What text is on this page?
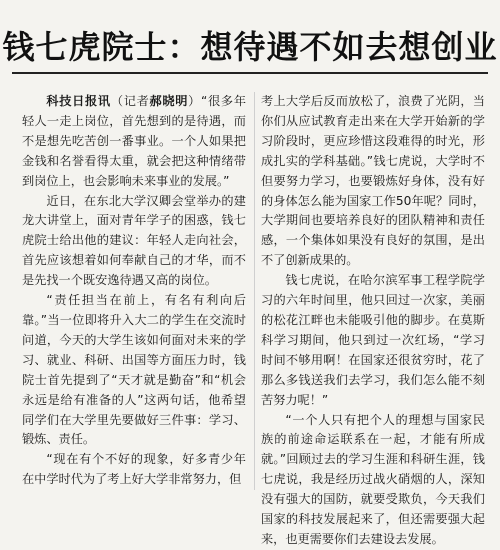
钱七虎院士：想待遇不如去想创业

科技日报讯（记者郝晓明）“很多年轻人一走上岗位，首先想到的是待遇，而不是想先吃苦创一番事业。一个人如果把金钱和名誉看得太重，就会把这种情绪带到岗位上，也会影响未来事业的发展。”

近日，在东北大学汉卿会堂举办的建龙大讲堂上，面对青年学子的困惑，钱七虎院士给出他的建议：年轻人走向社会，首先应该想着如何奉献自己的才华，而不是先找一个既安逸待遇又高的岗位。

“责任担当在前上，有名有利向后靠。”当一位即将升入大二的学生在交流时问道，今天的大学生该如何面对未来的学习、就业、科研、出国等方面压力时，钱院士首先提到了“天才就是勤奋”和“机会永远是给有准备的人”这两句话，他希望同学们在大学里先要做好三件事：学习、锻炼、责任。

“现在有个不好的现象，好多青少年在中学时代为了考上好大学非常努力，但

考上大学后反而放松了，浪费了光阴，当你们从应试教育走出来在大学开始新的学习阶段时，更应珍惜这段难得的时光，形成扎实的学科基础。”钱七虎说，大学时不但要努力学习，也要锻炼好身体，没有好的身体怎么能为国家工作50年呢？同时，大学期间也要培养良好的团队精神和责任感，一个集体如果没有良好的氛围，是出不了创新成果的。

钱七虎说，在哈尔滨军事工程学院学习的六年时间里，他只回过一次家，美丽的松花江畔也未能吸引他的脚步。在莫斯科学习期间，他只到过一次红场，“学习时间不够用啊！在国家还很贫穷时，花了那么多钱送我们去学习，我们怎么能不刻苦努力呢！”

“一个人只有把个人的理想与国家民族的前途命运联系在一起，才能有所成就。”回顾过去的学习生涯和科研生涯，钱七虎说，我是经历过战火硝烟的人，深知没有强大的国防，就要受欺负，今天我们国家的科技发展起来了，但还需要强大起来，也更需要你们去建设去发展。
